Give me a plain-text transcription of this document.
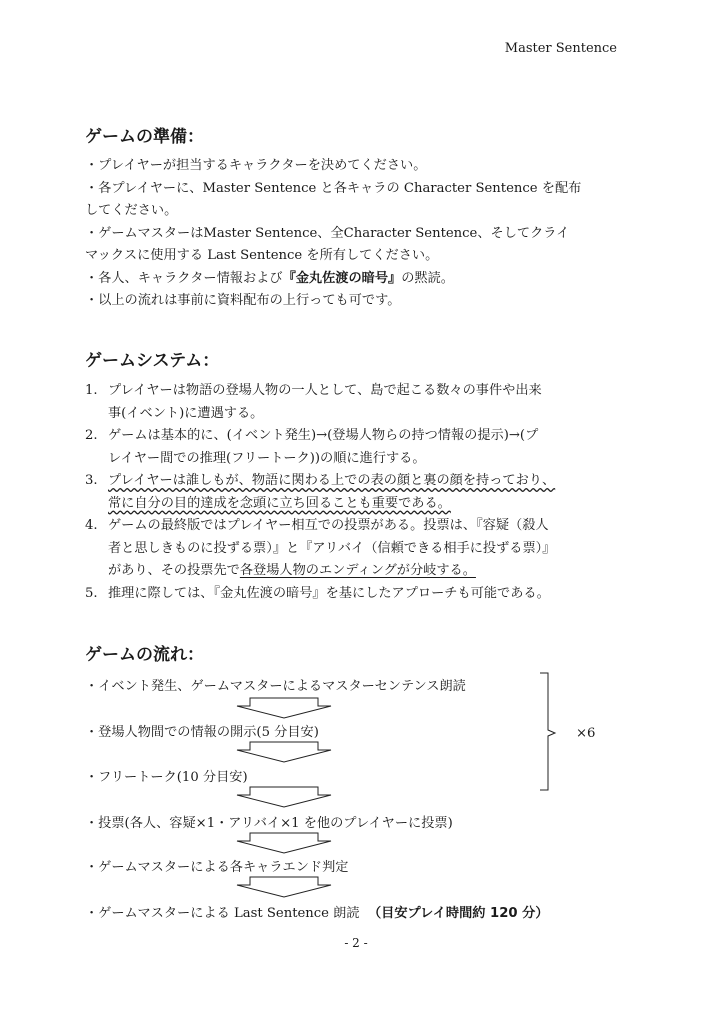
Master Sentence
ゲームの準備：
・プレイヤーが担当するキャラクターを決めてください。
・各プレイヤーに、Master Sentence と各キャラの Character Sentence を配布
してください。
・ゲームマスターはMaster Sentence、全Character Sentence、そしてクライ
マックスに使用する Last Sentence を所有してください。
・各人、キャラクター情報および『金丸佐渡の暗号』の黙読。
・以上の流れは事前に資料配布の上行っても可です。
ゲームシステム：
1. プレイヤーは物語の登場人物の一人として、島で起こる数々の事件や出来
事(イベント)に遭遇する。
2. ゲームは基本的に、(イベント発生)→(登場人物らの持つ情報の提示)→(プ
レイヤー間での推理(フリートーク))の順に進行する。
3. プレイヤーは誰しもが、物語に関わる上での表の顔と裏の顔を持っており、
常に自分の目的達成を念頭に立ち回ることも重要である。
4. ゲームの最終版ではプレイヤー相互での投票がある。投票は、『容疑（殺人
者と思しきものに投ずる票）』と『アリバイ（信頼できる相手に投ずる票）』
があり、その投票先で各登場人物のエンディングが分岐する。
5. 推理に際しては、『金丸佐渡の暗号』を基にしたアプローチも可能である。
ゲームの流れ：
・イベント発生、ゲームマスターによるマスターセンテンス朗読
・登場人物間での情報の開示(5 分目安)
・フリートーク(10 分目安)
・投票(各人、容疑×1・アリバイ×1 を他のプレイヤーに投票)
・ゲームマスターによる各キャラエンド判定
・ゲームマスターによる Last Sentence 朗読 （目安プレイ時間約 120 分）
×6
- 2 -
